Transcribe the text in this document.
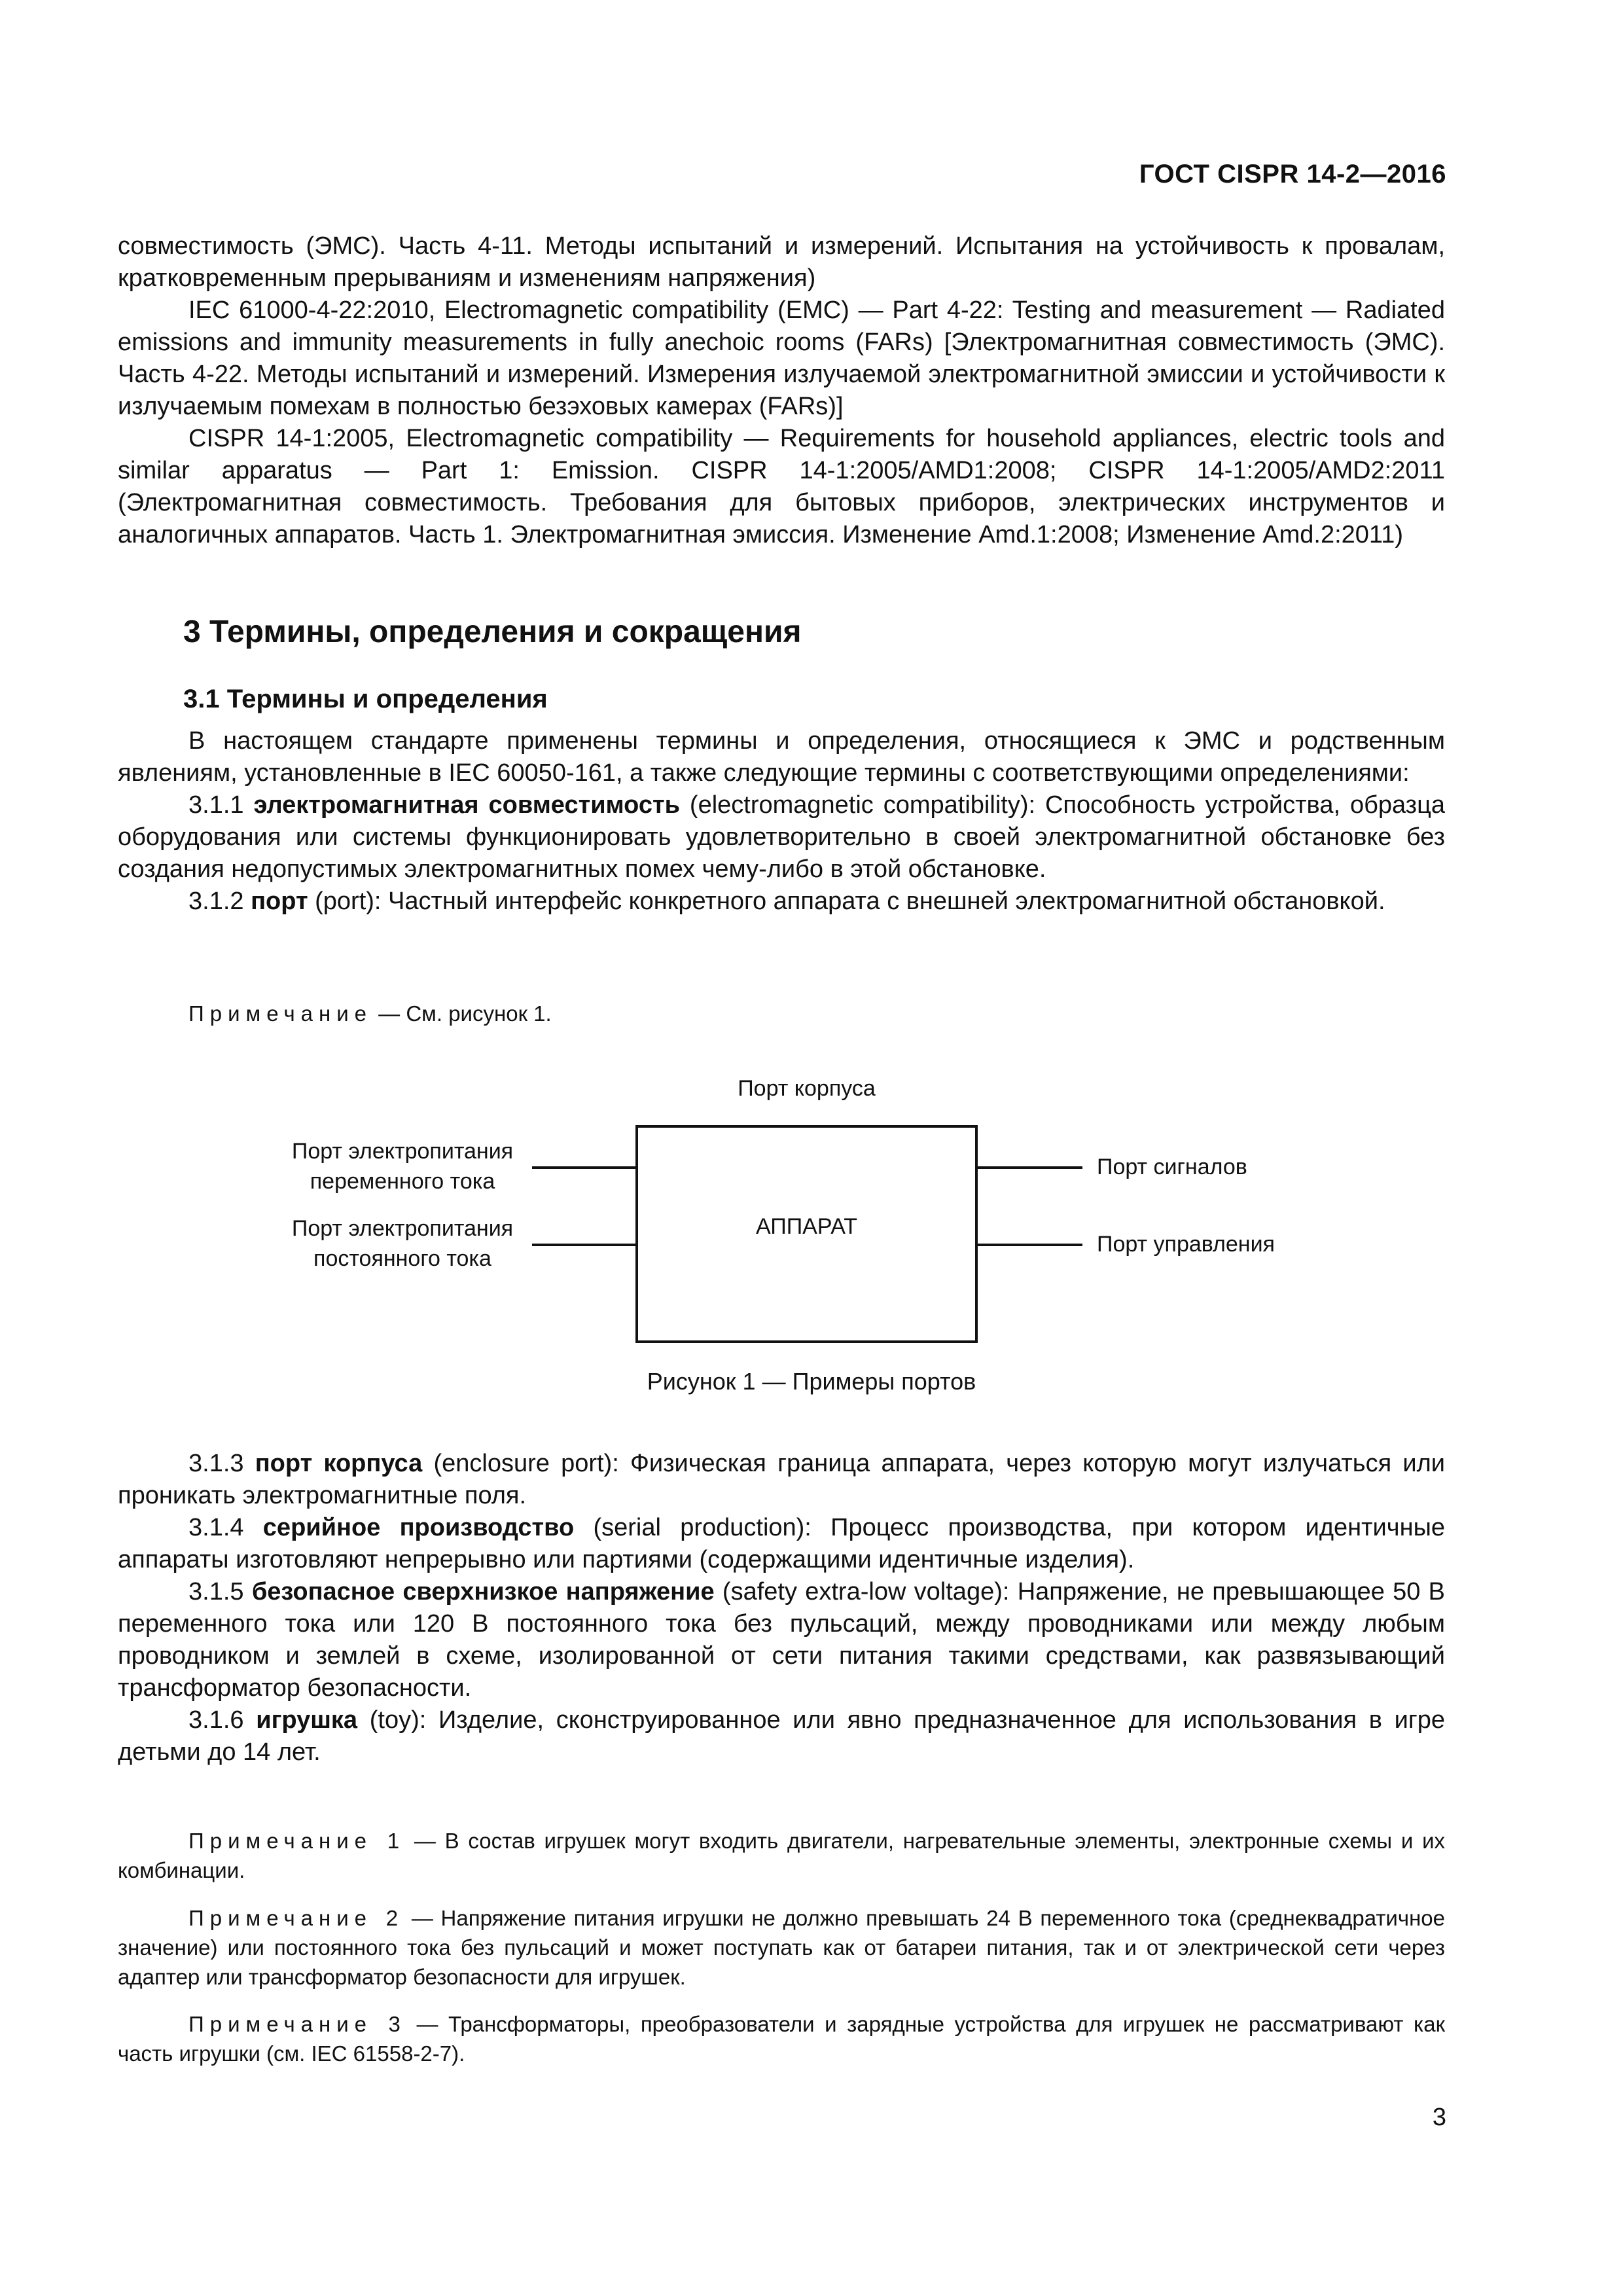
ГОСТ CISPR 14-2—2016

совместимость (ЭМС). Часть 4-11. Методы испытаний и измерений. Испытания на устойчивость к провалам, кратковременным прерываниям и изменениям напряжения)

IEC 61000-4-22:2010, Electromagnetic compatibility (EMC) — Part 4-22: Testing and measurement — Radiated emissions and immunity measurements in fully anechoic rooms (FARs) [Электромагнитная совместимость (ЭМС). Часть 4-22. Методы испытаний и измерений. Измерения излучаемой электромагнитной эмиссии и устойчивости к излучаемым помехам в полностью безэховых камерах (FARs)]

CISPR 14-1:2005, Electromagnetic compatibility — Requirements for household appliances, electric tools and similar apparatus — Part 1: Emission. CISPR 14-1:2005/AMD1:2008; CISPR 14-1:2005/AMD2:2011 (Электромагнитная совместимость. Требования для бытовых приборов, электрических инструментов и аналогичных аппаратов. Часть 1. Электромагнитная эмиссия. Изменение Amd.1:2008; Изменение Amd.2:2011)

3 Термины, определения и сокращения
3.1 Термины и определения

В настоящем стандарте применены термины и определения, относящиеся к ЭМС и родственным явлениям, установленные в IEC 60050-161, а также следующие термины с соответствующими определениями:

3.1.1 электромагнитная совместимость (electromagnetic compatibility): Способность устройства, образца оборудования или системы функционировать удовлетворительно в своей электромагнитной обстановке без создания недопустимых электромагнитных помех чему-либо в этой обстановке.

3.1.2 порт (port): Частный интерфейс конкретного аппарата с внешней электромагнитной обстановкой.

Примечание — См. рисунок 1.
Порт корпуса
АППАРАТ
Порт электропитания
переменного тока
Порт электропитания
постоянного тока
Порт сигналов
Порт управления
Рисунок 1 — Примеры портов

3.1.3 порт корпуса (enclosure port): Физическая граница аппарата, через которую могут излучаться или проникать электромагнитные поля.

3.1.4 серийное производство (serial production): Процесс производства, при котором идентичные аппараты изготовляют непрерывно или партиями (содержащими идентичные изделия).

3.1.5 безопасное сверхнизкое напряжение (safety extra-low voltage): Напряжение, не превышающее 50 В переменного тока или 120 В постоянного тока без пульсаций, между проводниками или между любым проводником и землей в схеме, изолированной от сети питания такими средствами, как развязывающий трансформатор безопасности.

3.1.6 игрушка (toy): Изделие, сконструированное или явно предназначенное для использования в игре детьми до 14 лет.

Примечание 1 — В состав игрушек могут входить двигатели, нагревательные элементы, электронные схемы и их комбинации.

Примечание 2 — Напряжение питания игрушки не должно превышать 24 В переменного тока (среднеквадратичное значение) или постоянного тока без пульсаций и может поступать как от батареи питания, так и от электрической сети через адаптер или трансформатор безопасности для игрушек.

Примечание 3 — Трансформаторы, преобразователи и зарядные устройства для игрушек не рассматривают как часть игрушки (см. IEC 61558-2-7).

3
